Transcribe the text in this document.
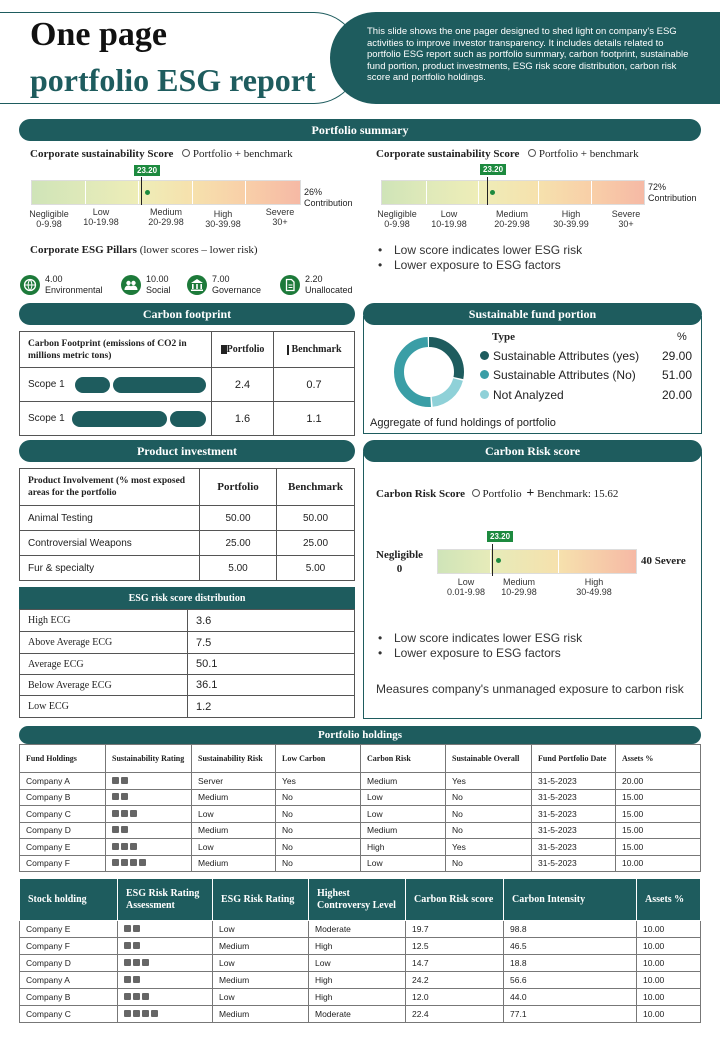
One page
portfolio ESG report
This slide shows the one pager designed to shed light on company's ESG activities to improve investor transparency. It includes details related to portfolio ESG report such as portfolio summary, carbon footprint, sustainable fund portion, product investments, ESG risk score distribution, carbon risk score and portfolio holdings.
Portfolio summary
Corporate sustainability Score Portfolio + benchmark
23.20
Negligible
0-9.98
Low
10-19.98
Medium
20-29.98
High
30-39.98
Severe
30+
26% Contribution
Corporate sustainability Score Portfolio + benchmark
23.20
Negligible
0-9.98
Low
10-19.98
Medium
20-29.98
High
30-39.99
Severe
30+
72% Contribution
Corporate ESG Pillars (lower scores – lower risk)
4.00
Environmental
10.00
Social
7.00
Governance
2.20
Unallocated
• Low score indicates lower ESG risk
• Lower exposure to ESG factors
Carbon footprint
Carbon Footprint (emissions of CO2 in millions metric tons)	Portfolio	Benchmark
Scope 1	2.4	0.7
Scope 1	1.6	1.1
Sustainable fund portion
Type	%
Sustainable Attributes (yes) 29.00
Sustainable Attributes (No) 51.00
Not Analyzed	20.00
Aggregate of fund holdings of portfolio
Product investment
Product Involvement (% most exposed areas for the portfolio	Portfolio	Benchmark
Animal Testing	50.00	50.00
Controversial Weapons	25.00	25.00
Fur & specialty	5.00	5.00
Carbon Risk score
Carbon Risk Score Portfolio + Benchmark: 15.62
Negligible
0
23.20
40 Severe
Low
0.01-9.98
Medium
10-29.98
High
30-49.98
• Low score indicates lower ESG risk
• Lower exposure to ESG factors
Measures company's unmanaged exposure to carbon risk
ESG risk score distribution
High ECG	3.6
Above Average ECG	7.5
Average ECG	50.1
Below Average ECG	36.1
Low ECG	1.2
Portfolio holdings
Fund Holdings	Sustainability Rating	Sustainability Risk	Low Carbon	Carbon Risk	Sustainable Overall	Fund Portfolio Date	Assets %
Company A		Server	Yes	Medium	Yes	31-5-2023	20.00
Company B		Medium	No	Low	No	31-5-2023	15.00
Company C		Low	No	Low	No	31-5-2023	15.00
Company D		Medium	No	Medium	No	31-5-2023	15.00
Company E		Low	No	High	Yes	31-5-2023	15.00
Company F		Medium	No	Low	No	31-5-2023	10.00
Stock holding	ESG Risk Rating Assessment	ESG Risk Rating	Highest Controversy Level	Carbon Risk score	Carbon Intensity	Assets %
Company E		Low	Moderate	19.7	98.8	10.00
Company F		Medium	High	12.5	46.5	10.00
Company D		Low	Low	14.7	18.8	10.00
Company A		Medium	High	24.2	56.6	10.00
Company B		Low	High	12.0	44.0	10.00
Company C		Medium	Moderate	22.4	77.1	10.00
